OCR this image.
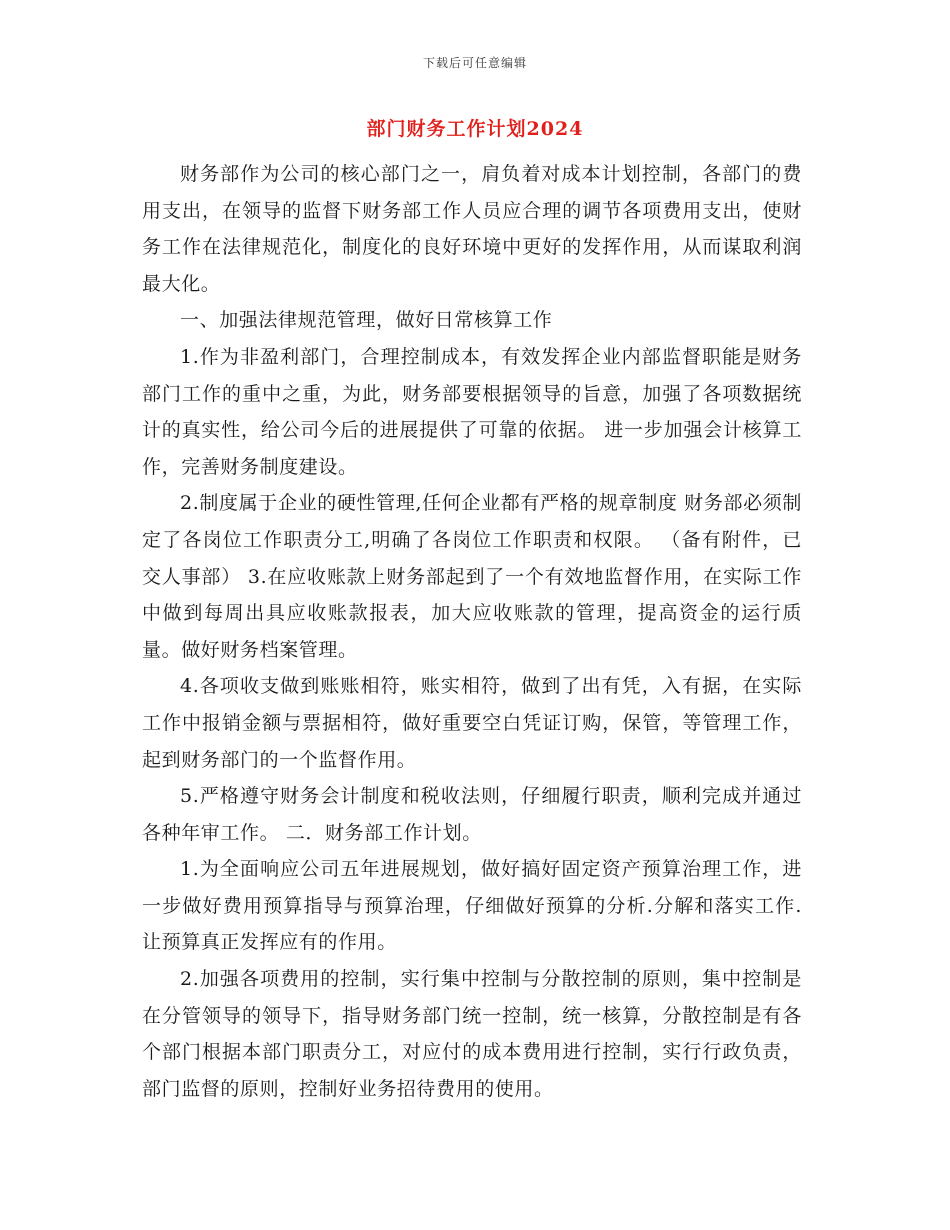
下载后可任意编辑
部门财务工作计划2024

财务部作为公司的核心部门之一，肩负着对成本计划控制，各部门的费用支出，在领导的监督下财务部工作人员应合理的调节各项费用支出，使财务工作在法律规范化，制度化的良好环境中更好的发挥作用，从而谋取利润最大化。

一、加强法律规范管理，做好日常核算工作

1.作为非盈利部门，合理控制成本，有效发挥企业内部监督职能是财务部门工作的重中之重，为此，财务部要根据领导的旨意，加强了各项数据统计的真实性，给公司今后的进展提供了可靠的依据。 进一步加强会计核算工作，完善财务制度建设。

2.制度属于企业的硬性管理,任何企业都有严格的规章制度 财务部必须制定了各岗位工作职责分工,明确了各岗位工作职责和权限。 （备有附件，已交人事部） 3.在应收账款上财务部起到了一个有效地监督作用，在实际工作中做到每周出具应收账款报表，加大应收账款的管理，提高资金的运行质量。做好财务档案管理。

4.各项收支做到账账相符，账实相符，做到了出有凭，入有据，在实际工作中报销金额与票据相符，做好重要空白凭证订购，保管，等管理工作，起到财务部门的一个监督作用。

5.严格遵守财务会计制度和税收法则，仔细履行职责，顺利完成并通过各种年审工作。 二．财务部工作计划。

1.为全面响应公司五年进展规划，做好搞好固定资产预算治理工作，进一步做好费用预算指导与预算治理，仔细做好预算的分析.分解和落实工作.让预算真正发挥应有的作用。

2.加强各项费用的控制，实行集中控制与分散控制的原则，集中控制是在分管领导的领导下，指导财务部门统一控制，统一核算，分散控制是有各个部门根据本部门职责分工，对应付的成本费用进行控制，实行行政负责，部门监督的原则，控制好业务招待费用的使用。
